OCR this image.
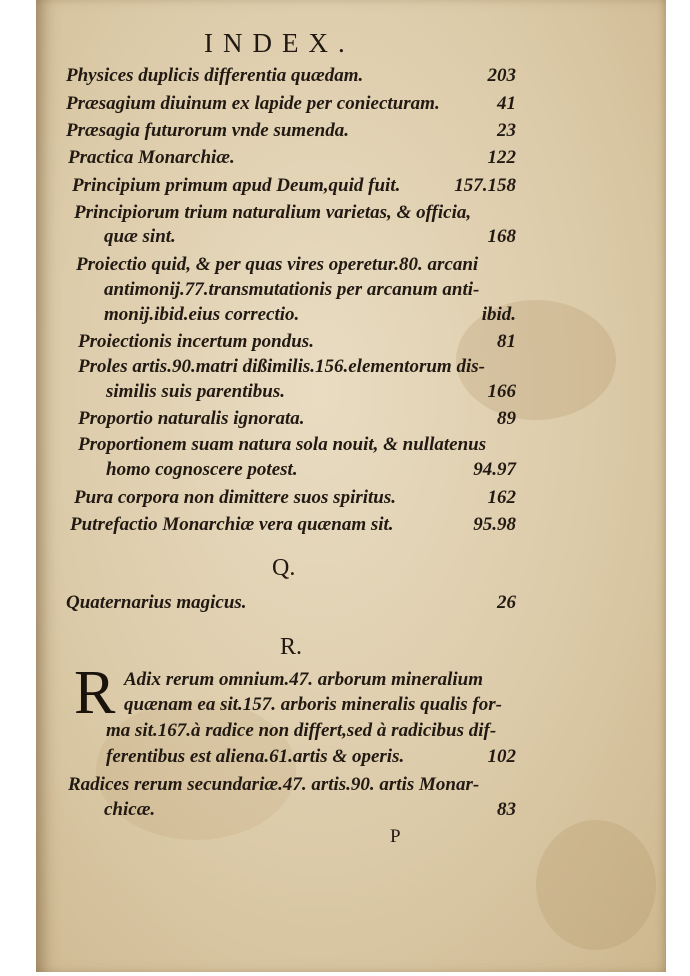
INDEX.
Physices duplicis differentia quædam.	203
Præsagium diuinum ex lapide per coniecturam.	41
Præsagia futurorum vnde sumenda.	23
Practica Monarchiæ.	122
Principium primum apud Deum,quid fuit.	157.158
Principiorum trium naturalium varietas, & officia,
quæ sint.	168
Proiectio quid, & per quas vires operetur.80. arcani
antimonij.77.transmutationis per arcanum anti-
monij.ibid.eius correctio.	ibid.
Proiectionis incertum pondus.	81
Proles artis.90.matri dißimilis.156.elementorum dis-
similis suis parentibus.	166
Proportio naturalis ignorata.	89
Proportionem suam natura sola nouit, & nullatenus
homo cognoscere potest.	94.97
Pura corpora non dimittere suos spiritus.	162
Putrefactio Monarchiæ vera quænam sit.	95.98
Q.
Quaternarius magicus.	26
R.
R Adix rerum omnium.47. arborum mineralium
quænam ea sit.157. arboris mineralis qualis for-
ma sit.167.à radice non differt,sed à radicibus dif-
ferentibus est aliena.61.artis & operis.	102
Radices rerum secundariæ.47. artis.90. artis Monar-
chicæ.	83
P
